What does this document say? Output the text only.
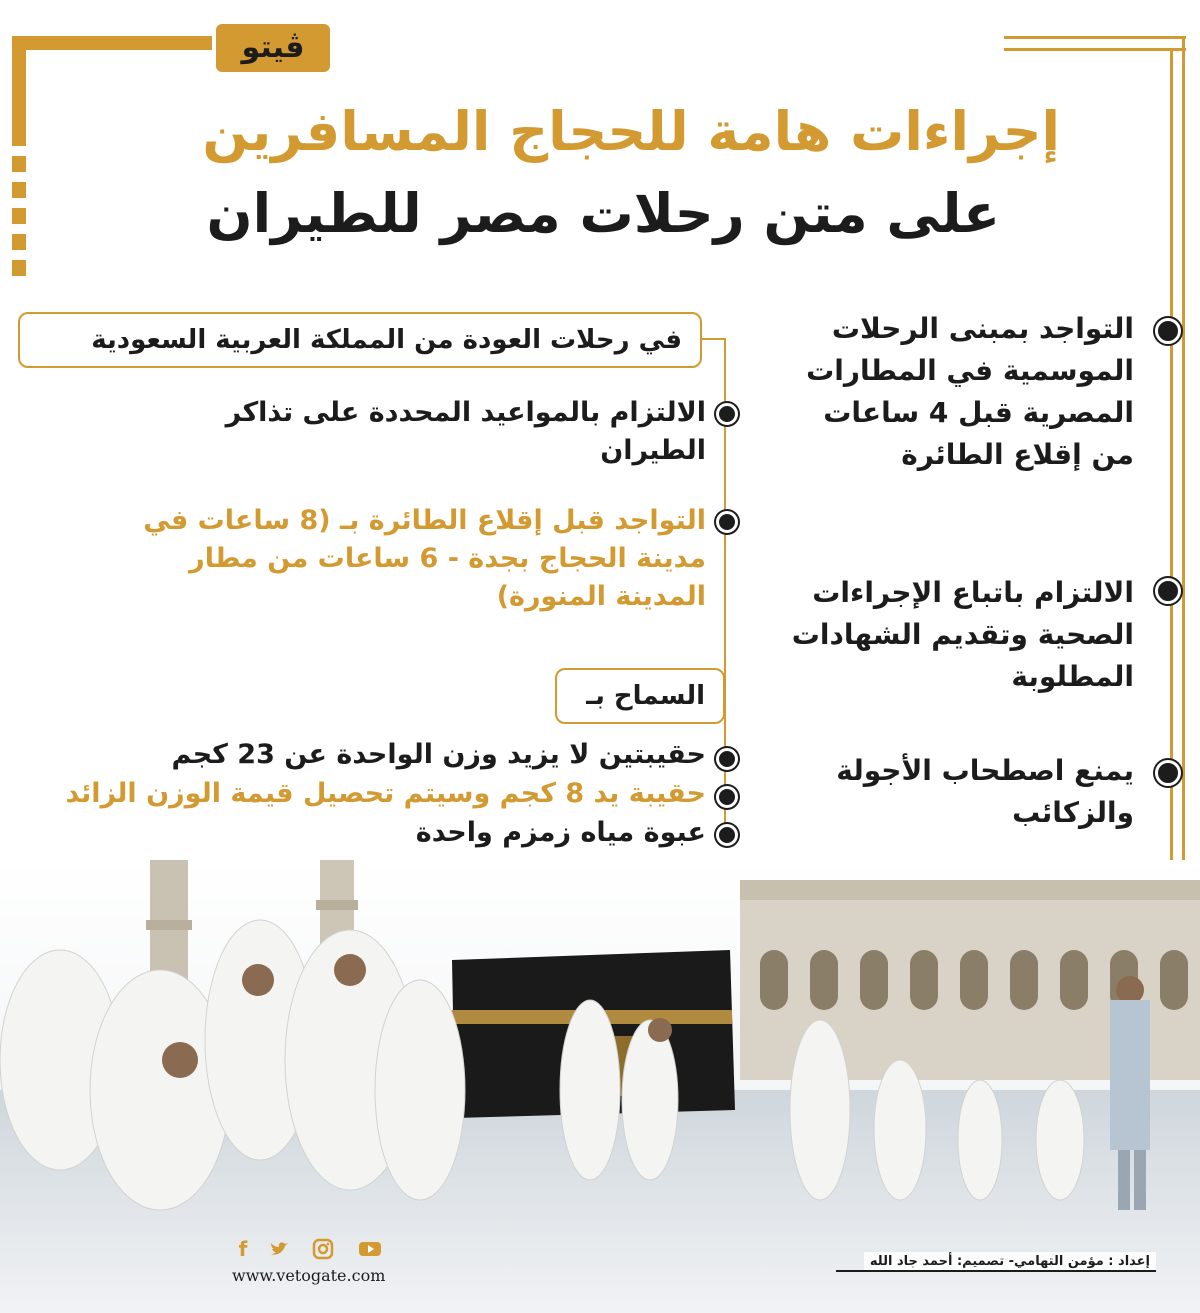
ڤيتو
إجراءات هامة للحجاج المسافرين
على متن رحلات مصر للطيران
التواجد بمبنى الرحلات الموسمية في المطارات المصرية قبل 4 ساعات من إقلاع الطائرة
الالتزام باتباع الإجراءات الصحية وتقديم الشهادات المطلوبة
يمنع اصطحاب الأجولة والزكائب
في رحلات العودة من المملكة العربية السعودية
الالتزام بالمواعيد المحددة على تذاكر الطيران
التواجد قبل إقلاع الطائرة بـ (8 ساعات في مدينة الحجاج بجدة - 6 ساعات من مطار المدينة المنورة)
السماح بـ
حقيبتين لا يزيد وزن الواحدة عن 23 كجم
حقيبة يد 8 كجم وسيتم تحصيل قيمة الوزن الزائد
عبوة مياه زمزم واحدة
f
www.vetogate.com
إعداد : مؤمن التهامي- تصميم: أحمد جاد الله
